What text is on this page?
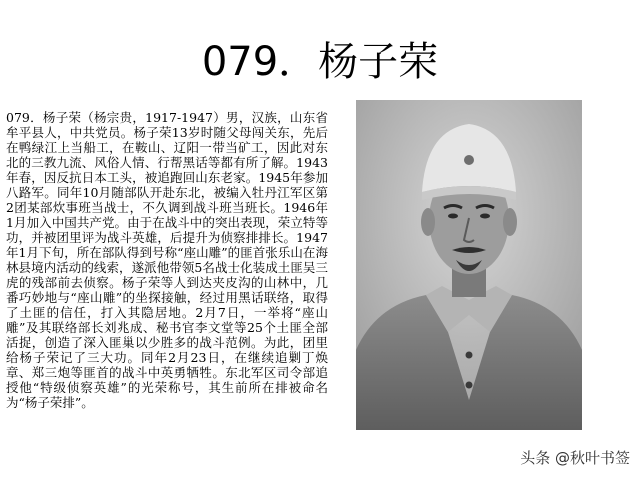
079．杨子荣
079．杨子荣（杨宗贵，1917-1947）男，汉族，山东省牟平县人，中共党员。杨子荣13岁时随父母闯关东，先后在鸭绿江上当船工，在鞍山、辽阳一带当矿工，因此对东北的三教九流、风俗人情、行帮黑话等都有所了解。1943年春，因反抗日本工头，被追跑回山东老家。1945年参加八路军。同年10月随部队开赴东北，被编入牡丹江军区第2团某部炊事班当战士，不久调到战斗班当班长。1946年1月加入中国共产党。由于在战斗中的突出表现，荣立特等功，并被团里评为战斗英雄，后提升为侦察排排长。1947年1月下旬，所在部队得到号称“座山雕”的匪首张乐山在海林县境内活动的线索，遂派他带领5名战士化装成土匪吴三虎的残部前去侦察。杨子荣等人到达夹皮沟的山林中，几番巧妙地与“座山雕”的坐探接触，经过用黑话联络，取得了土匪的信任，打入其隐居地。2月7日，一举将“座山雕”及其联络部长刘兆成、秘书官李文堂等25个土匪全部活捉，创造了深入匪巢以少胜多的战斗范例。为此，团里给杨子荣记了三大功。同年2月23日，在继续追剿丁焕章、郑三炮等匪首的战斗中英勇牺牲。东北军区司令部追授他“特级侦察英雄”的光荣称号，其生前所在排被命名为“杨子荣排”。
头条 @秋叶书签
